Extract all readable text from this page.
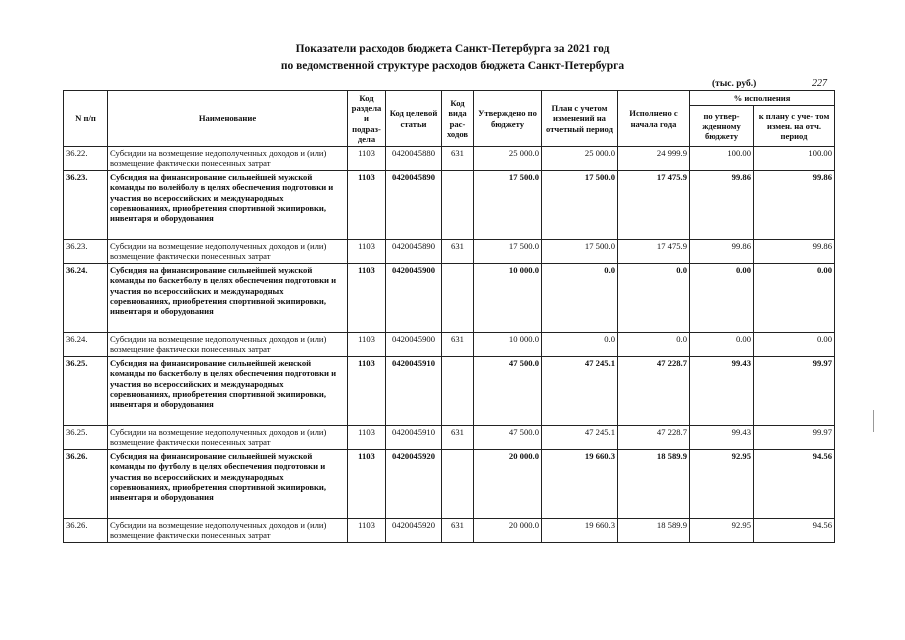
Показатели расходов бюджета Санкт-Петербурга за 2021 год
по ведомственной структуре расходов бюджета Санкт-Петербурга
(тыс. руб.)	227
N п/п	Наименование	Код раздела и подраз- дела	Код целевой статьи	Код вида рас- ходов	Утверждено по бюджету	План с учетом изменений на отчетный период	Исполнено с начала года	% исполнения	
								по утвер- жденному бюджету	к плану с уче- том измен. на отч. период
36.22.	Субсидии на возмещение недополученных доходов и (или) возмещение фактически понесенных затрат	1103	0420045880	631	25 000.0	25 000.0	24 999.9	100.00	100.00
36.23.	Субсидия на финансирование сильнейшей мужской команды по волейболу в целях обеспечения подготовки и участия во всероссийских и международных соревнованиях, приобретения спортивной экипировки, инвентаря и оборудования	1103	0420045890		17 500.0	17 500.0	17 475.9	99.86	99.86
36.23.	Субсидии на возмещение недополученных доходов и (или) возмещение фактически понесенных затрат	1103	0420045890	631	17 500.0	17 500.0	17 475.9	99.86	99.86
36.24.	Субсидия на финансирование сильнейшей мужской команды по баскетболу в целях обеспечения подготовки и участия во всероссийских и международных соревнованиях, приобретения спортивной экипировки, инвентаря и оборудования	1103	0420045900		10 000.0	0.0	0.0	0.00	0.00
36.24.	Субсидии на возмещение недополученных доходов и (или) возмещение фактически понесенных затрат	1103	0420045900	631	10 000.0	0.0	0.0	0.00	0.00
36.25.	Субсидия на финансирование сильнейшей женской команды по баскетболу в целях обеспечения подготовки и участия во всероссийских и международных соревнованиях, приобретения спортивной экипировки, инвентаря и оборудования	1103	0420045910		47 500.0	47 245.1	47 228.7	99.43	99.97
36.25.	Субсидии на возмещение недополученных доходов и (или) возмещение фактически понесенных затрат	1103	0420045910	631	47 500.0	47 245.1	47 228.7	99.43	99.97
36.26.	Субсидия на финансирование сильнейшей мужской команды по футболу в целях обеспечения подготовки и участия во всероссийских и международных соревнованиях, приобретения спортивной экипировки, инвентаря и оборудования	1103	0420045920		20 000.0	19 660.3	18 589.9	92.95	94.56
36.26.	Субсидии на возмещение недополученных доходов и (или) возмещение фактически понесенных затрат	1103	0420045920	631	20 000.0	19 660.3	18 589.9	92.95	94.56
